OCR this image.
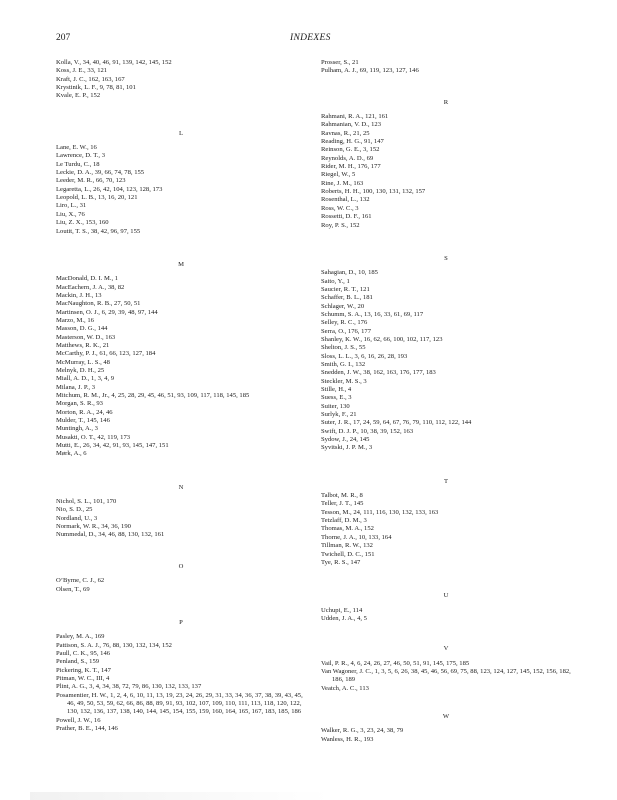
207	INDEXES
Kolla, V., 34, 40, 46, 91, 139, 142, 145, 152
Koss, J. E., 33, 121
Kraft, J. C., 162, 163, 167
Krystinik, L. F., 9, 78, 81, 101
Kvale, E. P., 152
L
Lane, E. W., 16
Lawrence, D. T., 3
Le Turdu, C., 18
Leckie, D. A., 39, 66, 74, 78, 155
Leeder, M. R., 66, 70, 123
Legaretta, L., 26, 42, 104, 123, 128, 173
Leopold, L. B., 13, 16, 20, 121
Liro, L., 31
Liu, X., 76
Liu, Z. X., 153, 160
Loutit, T. S., 38, 42, 96, 97, 155
M
MacDonald, D. I. M., 1
MacEachern, J. A., 38, 82
Mackin, J. H., 13
MacNaughton, R. B., 27, 50, 51
Martinsen, O. J., 6, 29, 39, 48, 97, 144
Marzo, M., 16
Masson, D. G., 144
Masterson, W. D., 163
Matthews, R. K., 21
McCarthy, P. J., 61, 66, 123, 127, 184
McMurray, L. S., 48
Melnyk, D. H., 25
Miall, A. D., 1, 3, 4, 9
Milana, J. P., 3
Mitchum, R. M., Jr., 4, 25, 28, 29, 45, 46, 51, 93, 109, 117, 118, 145, 185
Morgan, S. R., 93
Morton, R. A., 24, 46
Mulder, T., 145, 146
Muntingh, A., 3
Musakti, O. T., 42, 119, 173
Mutti, E., 26, 34, 42, 91, 93, 145, 147, 151
Mørk, A., 6
N
Nichol, S. L., 101, 170
Nio, S. D., 25
Nordland, U., 3
Normark, W. R., 34, 36, 190
Nummedal, D., 34, 46, 88, 130, 132, 161
O
O’Byrne, C. J., 62
Olsen, T., 69
P
Pasley, M. A., 169
Pattison, S. A. J., 76, 88, 130, 132, 134, 152
Paull, C. K., 95, 146
Penland, S., 159
Pickering, K. T., 147
Pitman, W. C., III, 4
Plint, A. G., 3, 4, 34, 38, 72, 79, 86, 130, 132, 133, 137
Posamentier, H. W., 1, 2, 4, 6, 10, 11, 13, 19, 23, 24, 26, 29, 31, 33, 34, 36, 37, 38, 39, 43, 45, 46, 49, 50, 53, 59, 62, 66, 86, 88, 89, 91, 93, 102, 107, 109, 110, 111, 113, 118, 120, 122, 130, 132, 136, 137, 138, 140, 144, 145, 154, 155, 159, 160, 164, 165, 167, 183, 185, 186
Powell, J. W., 16
Prather, B. E., 144, 146
Prosser, S., 21
Pulham, A. J., 69, 119, 123, 127, 146
R
Rahmani, R. A., 121, 161
Rahmanian, V. D., 123
Ravnas, R., 21, 25
Reading, H. G., 91, 147
Reinson, G. E., 3, 152
Reynolds, A. D., 69
Rider, M. H., 176, 177
Riegel, W., 5
Rine, J. M., 163
Roberts, H. H., 100, 130, 131, 132, 157
Rosenthal, L., 132
Ross, W. C., 3
Rossetti, D. F., 161
Roy, P. S., 152
S
Sahagian, D., 10, 185
Saito, Y., 1
Saucier, R. T., 121
Schaffer, B. L., 181
Schlager, W., 20
Schumm, S. A., 13, 16, 33, 61, 69, 117
Selley, R. C., 176
Serra, O., 176, 177
Shanley, K. W., 16, 62, 66, 100, 102, 117, 123
Shelton, J. S., 55
Sloss, L. L., 3, 6, 16, 26, 28, 193
Smith, G. I., 132
Snedden, J. W., 38, 162, 163, 176, 177, 183
Steckler, M. S., 3
Stille, H., 4
Suess, E., 3
Suiter, 130
Surlyk, F., 21
Suter, J. R., 17, 24, 59, 64, 67, 76, 79, 110, 112, 122, 144
Swift, D. J. P., 10, 38, 39, 152, 163
Sydow, J., 24, 145
Syvitski, J. P. M., 3
T
Talbot, M. R., 8
Teller, J. T., 145
Tesson, M., 24, 111, 116, 130, 132, 133, 163
Tetzlaff, D. M., 3
Thomas, M. A., 152
Thorne, J. A., 10, 133, 164
Tillman, R. W., 132
Twichell, D. C., 151
Tye, R. S., 147
U
Uchupi, E., 114
Udden, J. A., 4, 5
V
Vail, P. R., 4, 6, 24, 26, 27, 46, 50, 51, 91, 145, 175, 185
Van Wagoner, J. C., 1, 3, 5, 6, 26, 38, 45, 46, 56, 69, 75, 88, 123, 124, 127, 145, 152, 156, 182, 186, 189
Veatch, A. C., 113
W
Walker, R. G., 3, 23, 24, 38, 79
Wanless, H. R., 193
